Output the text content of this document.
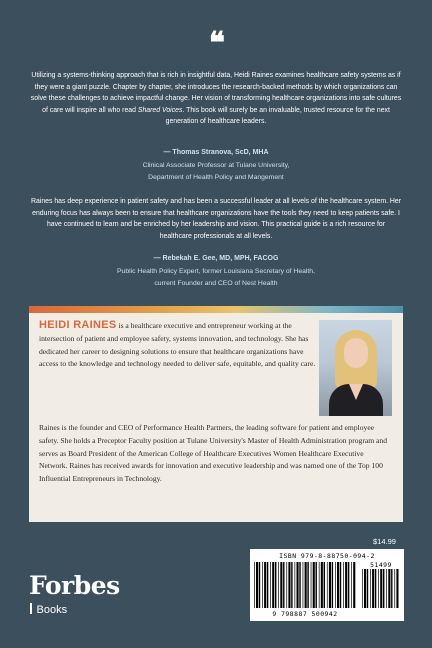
❝
Utilizing a systems-thinking approach that is rich in insightful data, Heidi Raines examines healthcare safety systems as if they were a giant puzzle. Chapter by chapter, she introduces the research-backed methods by which organizations can solve these challenges to achieve impactful change. Her vision of transforming healthcare organizations into safe cultures of care will inspire all who read Shared Voices. This book will surely be an invaluable, trusted resource for the next generation of healthcare leaders.
— Thomas Stranova, ScD, MHA
Clinical Associate Professor at Tulane University,
Department of Health Policy and Mangement
Raines has deep experience in patient safety and has been a successful leader at all levels of the healthcare system. Her enduring focus has always been to ensure that healthcare organizations have the tools they need to keep patients safe. I have continued to learn and be enriched by her leadership and vision. This practical guide is a rich resource for healthcare professionals at all levels.
— Rebekah E. Gee, MD, MPH, FACOG
Public Health Policy Expert, former Louisiana Secretary of Health,
current Founder and CEO of Nest Health
HEIDI RAINES is a healthcare executive and entrepreneur working at the intersection of patient and employee safety, systems innovation, and technology. She has dedicated her career to designing solutions to ensure that healthcare organizations have access to the knowledge and technology needed to deliver safe, equitable, and quality care.
Raines is the founder and CEO of Performance Health Partners, the leading software for patient and employee safety. She holds a Preceptor Faculty position at Tulane University's Master of Health Administration program and serves as Board President of the American College of Healthcare Executives Women Healthcare Executive Network. Raines has received awards for innovation and executive leadership and was named one of the Top 100 Influential Entrepreneurs in Technology.
$14.99
Forbes
Books
ISBN 979-8-88750-094-2
51499
9 798887 500942
